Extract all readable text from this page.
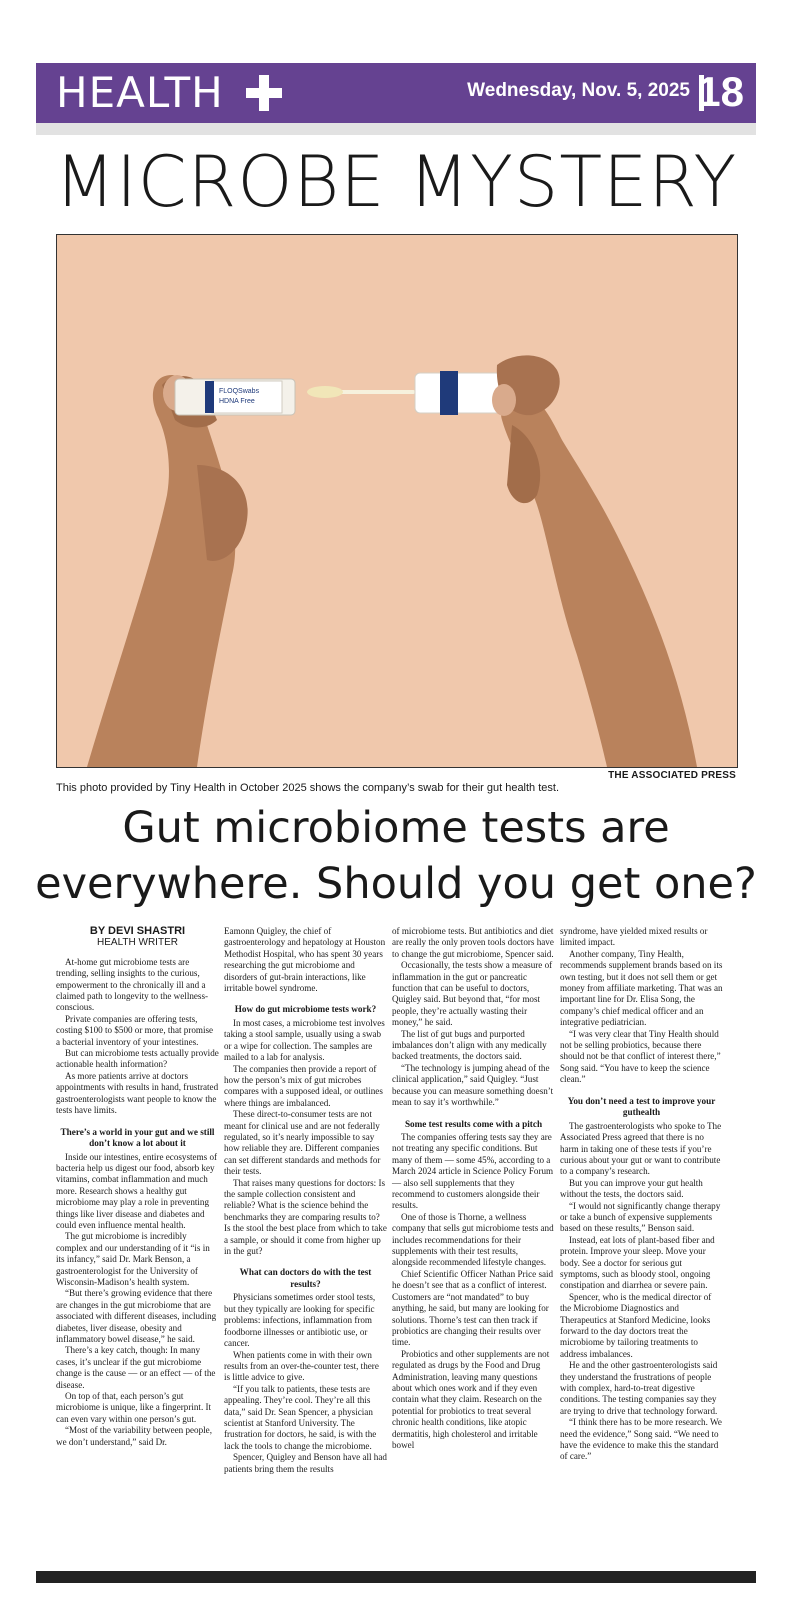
HEALTH	Wednesday, Nov. 5, 2025 18
MICROBE MYSTERY
FLOQSwabs
HDNA Free
THE ASSOCIATED PRESS
This photo provided by Tiny Health in October 2025 shows the company’s swab for their gut health test.
Gut microbiome tests are
everywhere. Should you get one?
BY DEVI SHASTRI
HEALTH WRITER

At-home gut microbiome tests are trending, selling insights to the curious, empowerment to the chronically ill and a claimed path to longevity to the wellness-conscious.

Private companies are offering tests, costing $100 to $500 or more, that promise a bacterial inventory of your intestines.

But can microbiome tests actually provide actionable health information?

As more patients arrive at doctors appointments with results in hand, frustrated gastroenterologists want people to know the tests have limits.

There’s a world in your gut and we still don’t know a lot about it

Inside our intestines, entire ecosystems of bacteria help us digest our food, absorb key vitamins, combat inflammation and much more. Research shows a healthy gut microbiome may play a role in preventing things like liver disease and diabetes and could even influence mental health.

The gut microbiome is incredibly complex and our understanding of it “is in its infancy,” said Dr. Mark Benson, a gastroenterologist for the University of Wisconsin-Madison’s health system.

“But there’s growing evidence that there are changes in the gut microbiome that are associated with different diseases, including diabetes, liver disease, obesity and inflammatory bowel disease,” he said.

There’s a key catch, though: In many cases, it’s unclear if the gut microbiome change is the cause — or an effect — of the disease.

On top of that, each person’s gut microbiome is unique, like a fingerprint. It can even vary within one person’s gut.

“Most of the variability between people, we don’t understand,” said Dr.

Eamonn Quigley, the chief of gastroenterology and hepatology at Houston Methodist Hospital, who has spent 30 years researching the gut microbiome and disorders of gut-brain interactions, like irritable bowel syndrome.

How do gut microbiome tests work?

In most cases, a microbiome test involves taking a stool sample, usually using a swab or a wipe for collection. The samples are mailed to a lab for analysis.

The companies then provide a report of how the person’s mix of gut microbes compares with a supposed ideal, or outlines where things are imbalanced.

These direct-to-consumer tests are not meant for clinical use and are not federally regulated, so it’s nearly impossible to say how reliable they are. Different companies can set different standards and methods for their tests.

That raises many questions for doctors: Is the sample collection consistent and reliable? What is the science behind the benchmarks they are comparing results to? Is the stool the best place from which to take a sample, or should it come from higher up in the gut?

What can doctors do with the test results?

Physicians sometimes order stool tests, but they typically are looking for specific problems: infections, inflammation from foodborne illnesses or antibiotic use, or cancer.

When patients come in with their own results from an over-the-counter test, there is little advice to give.

“If you talk to patients, these tests are appealing. They’re cool. They’re all this data,” said Dr. Sean Spencer, a physician scientist at Stanford University. The frustration for doctors, he said, is with the lack the tools to change the microbiome.

Spencer, Quigley and Benson have all had patients bring them the results

of microbiome tests. But antibiotics and diet are really the only proven tools doctors have to change the gut microbiome, Spencer said.

Occasionally, the tests show a measure of inflammation in the gut or pancreatic function that can be useful to doctors, Quigley said. But beyond that, “for most people, they’re actually wasting their money,” he said.

The list of gut bugs and purported imbalances don’t align with any medically backed treatments, the doctors said.

“The technology is jumping ahead of the clinical application,” said Quigley. “Just because you can measure something doesn’t mean to say it’s worthwhile.”

Some test results come with a pitch

The companies offering tests say they are not treating any specific conditions. But many of them — some 45%, according to a March 2024 article in Science Policy Forum — also sell supplements that they recommend to customers alongside their results.

One of those is Thorne, a wellness company that sells gut microbiome tests and includes recommendations for their supplements with their test results, alongside recommended lifestyle changes.

Chief Scientific Officer Nathan Price said he doesn’t see that as a conflict of interest. Customers are “not mandated” to buy anything, he said, but many are looking for solutions. Thorne’s test can then track if probiotics are changing their results over time.

Probiotics and other supplements are not regulated as drugs by the Food and Drug Administration, leaving many questions about which ones work and if they even contain what they claim. Research on the potential for probiotics to treat several chronic health conditions, like atopic dermatitis, high cholesterol and irritable bowel

syndrome, have yielded mixed results or limited impact.

Another company, Tiny Health, recommends supplement brands based on its own testing, but it does not sell them or get money from affiliate marketing. That was an important line for Dr. Elisa Song, the company’s chief medical officer and an integrative pediatrician.

“I was very clear that Tiny Health should not be selling probiotics, because there should not be that conflict of interest there,” Song said. “You have to keep the science clean.”

You don’t need a test to improve your guthealth

The gastroenterologists who spoke to The Associated Press agreed that there is no harm in taking one of these tests if you’re curious about your gut or want to contribute to a company’s research.

But you can improve your gut health without the tests, the doctors said.

“I would not significantly change therapy or take a bunch of expensive supplements based on these results,” Benson said.

Instead, eat lots of plant-based fiber and protein. Improve your sleep. Move your body. See a doctor for serious gut symptoms, such as bloody stool, ongoing constipation and diarrhea or severe pain.

Spencer, who is the medical director of the Microbiome Diagnostics and Therapeutics at Stanford Medicine, looks forward to the day doctors treat the microbiome by tailoring treatments to address imbalances.

He and the other gastroenterologists said they understand the frustrations of people with complex, hard-to-treat digestive conditions. The testing companies say they are trying to drive that technology forward.

“I think there has to be more research. We need the evidence,” Song said. “We need to have the evidence to make this the standard of care.”
